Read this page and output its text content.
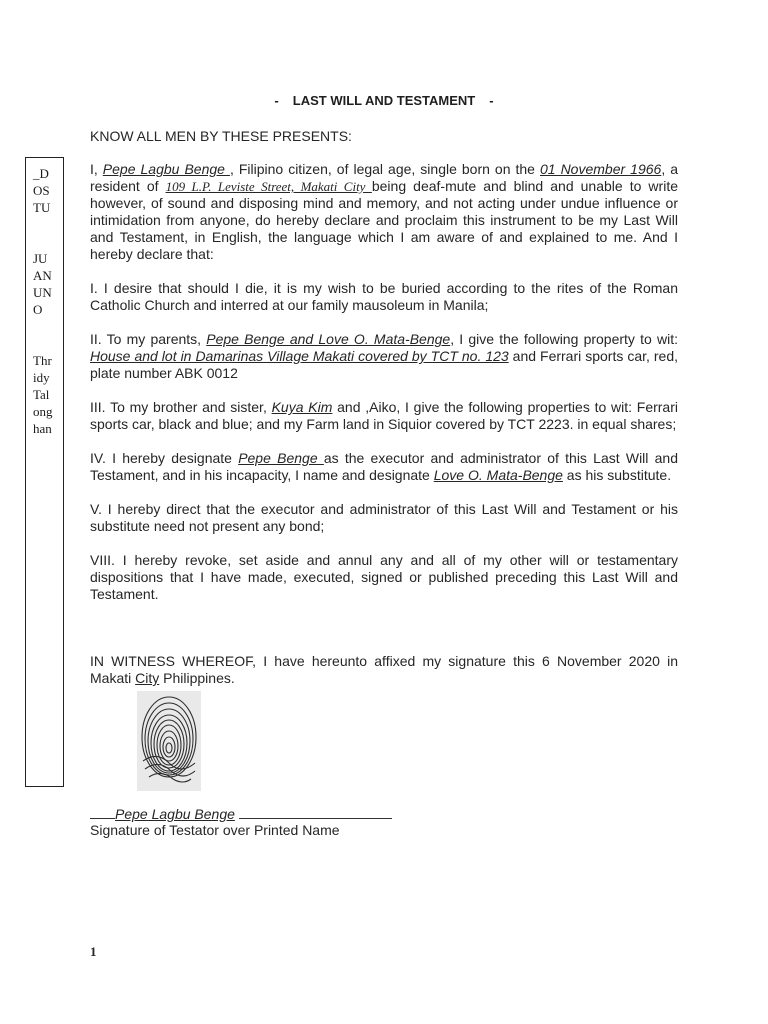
- LAST WILL AND TESTAMENT -
_D
OS
TU
JU
AN
UN
O
Thr
idy
Tal
ong
han

KNOW ALL MEN BY THESE PRESENTS:

I, Pepe Lagbu Benge , Filipino citizen, of legal age, single born on the 01 November 1966, a resident of 109 L.P. Leviste Street, Makati City being deaf-mute and blind and unable to write however, of sound and disposing mind and memory, and not acting under undue influence or intimidation from anyone, do hereby declare and proclaim this instrument to be my Last Will and Testament, in English, the language which I am aware of and explained to me. And I hereby declare that:

I. I desire that should I die, it is my wish to be buried according to the rites of the Roman Catholic Church and interred at our family mausoleum in Manila;

II. To my parents, Pepe Benge and Love O. Mata-Benge, I give the following property to wit: House and lot in Damarinas Village Makati covered by TCT no. 123 and Ferrari sports car, red, plate number ABK 0012

III. To my brother and sister, Kuya Kim and ,Aiko, I give the following properties to wit: Ferrari sports car, black and blue; and my Farm land in Siquior covered by TCT 2223. in equal shares;

IV. I hereby designate Pepe Benge as the executor and administrator of this Last Will and Testament, and in his incapacity, I name and designate Love O. Mata-Benge as his substitute.

V. I hereby direct that the executor and administrator of this Last Will and Testament or his substitute need not present any bond;

VIII. I hereby revoke, set aside and annul any and all of my other will or testamentary dispositions that I have made, executed, signed or published preceding this Last Will and Testament.

IN WITNESS WHEREOF, I have hereunto affixed my signature this 6 November 2020 in Makati City Philippines.

Pepe Lagbu Benge
Signature of Testator over Printed Name
1
